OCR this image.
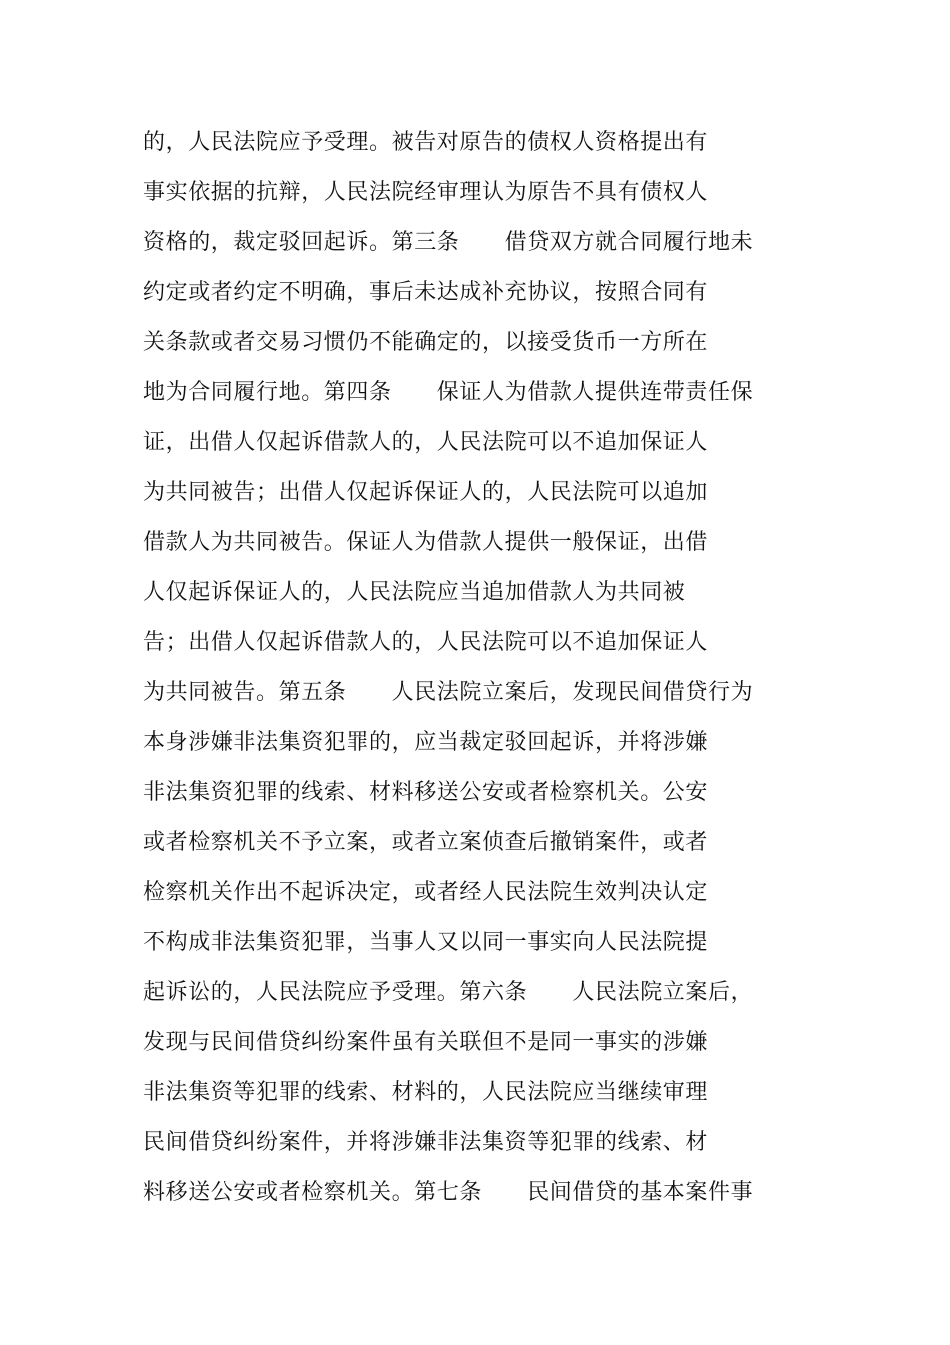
的，人民法院应予受理。被告对原告的债权人资格提出有
事实依据的抗辩，人民法院经审理认为原告不具有债权人
资格的，裁定驳回起诉。第三条　　借贷双方就合同履行地未
约定或者约定不明确，事后未达成补充协议，按照合同有
关条款或者交易习惯仍不能确定的，以接受货币一方所在
地为合同履行地。第四条　　保证人为借款人提供连带责任保
证，出借人仅起诉借款人的，人民法院可以不追加保证人
为共同被告；出借人仅起诉保证人的，人民法院可以追加
借款人为共同被告。保证人为借款人提供一般保证，出借
人仅起诉保证人的，人民法院应当追加借款人为共同被
告；出借人仅起诉借款人的，人民法院可以不追加保证人
为共同被告。第五条　　人民法院立案后，发现民间借贷行为
本身涉嫌非法集资犯罪的，应当裁定驳回起诉，并将涉嫌
非法集资犯罪的线索、材料移送公安或者检察机关。公安
或者检察机关不予立案，或者立案侦查后撤销案件，或者
检察机关作出不起诉决定，或者经人民法院生效判决认定
不构成非法集资犯罪，当事人又以同一事实向人民法院提
起诉讼的，人民法院应予受理。第六条　　人民法院立案后，
发现与民间借贷纠纷案件虽有关联但不是同一事实的涉嫌
非法集资等犯罪的线索、材料的，人民法院应当继续审理
民间借贷纠纷案件，并将涉嫌非法集资等犯罪的线索、材
料移送公安或者检察机关。第七条　　民间借贷的基本案件事
